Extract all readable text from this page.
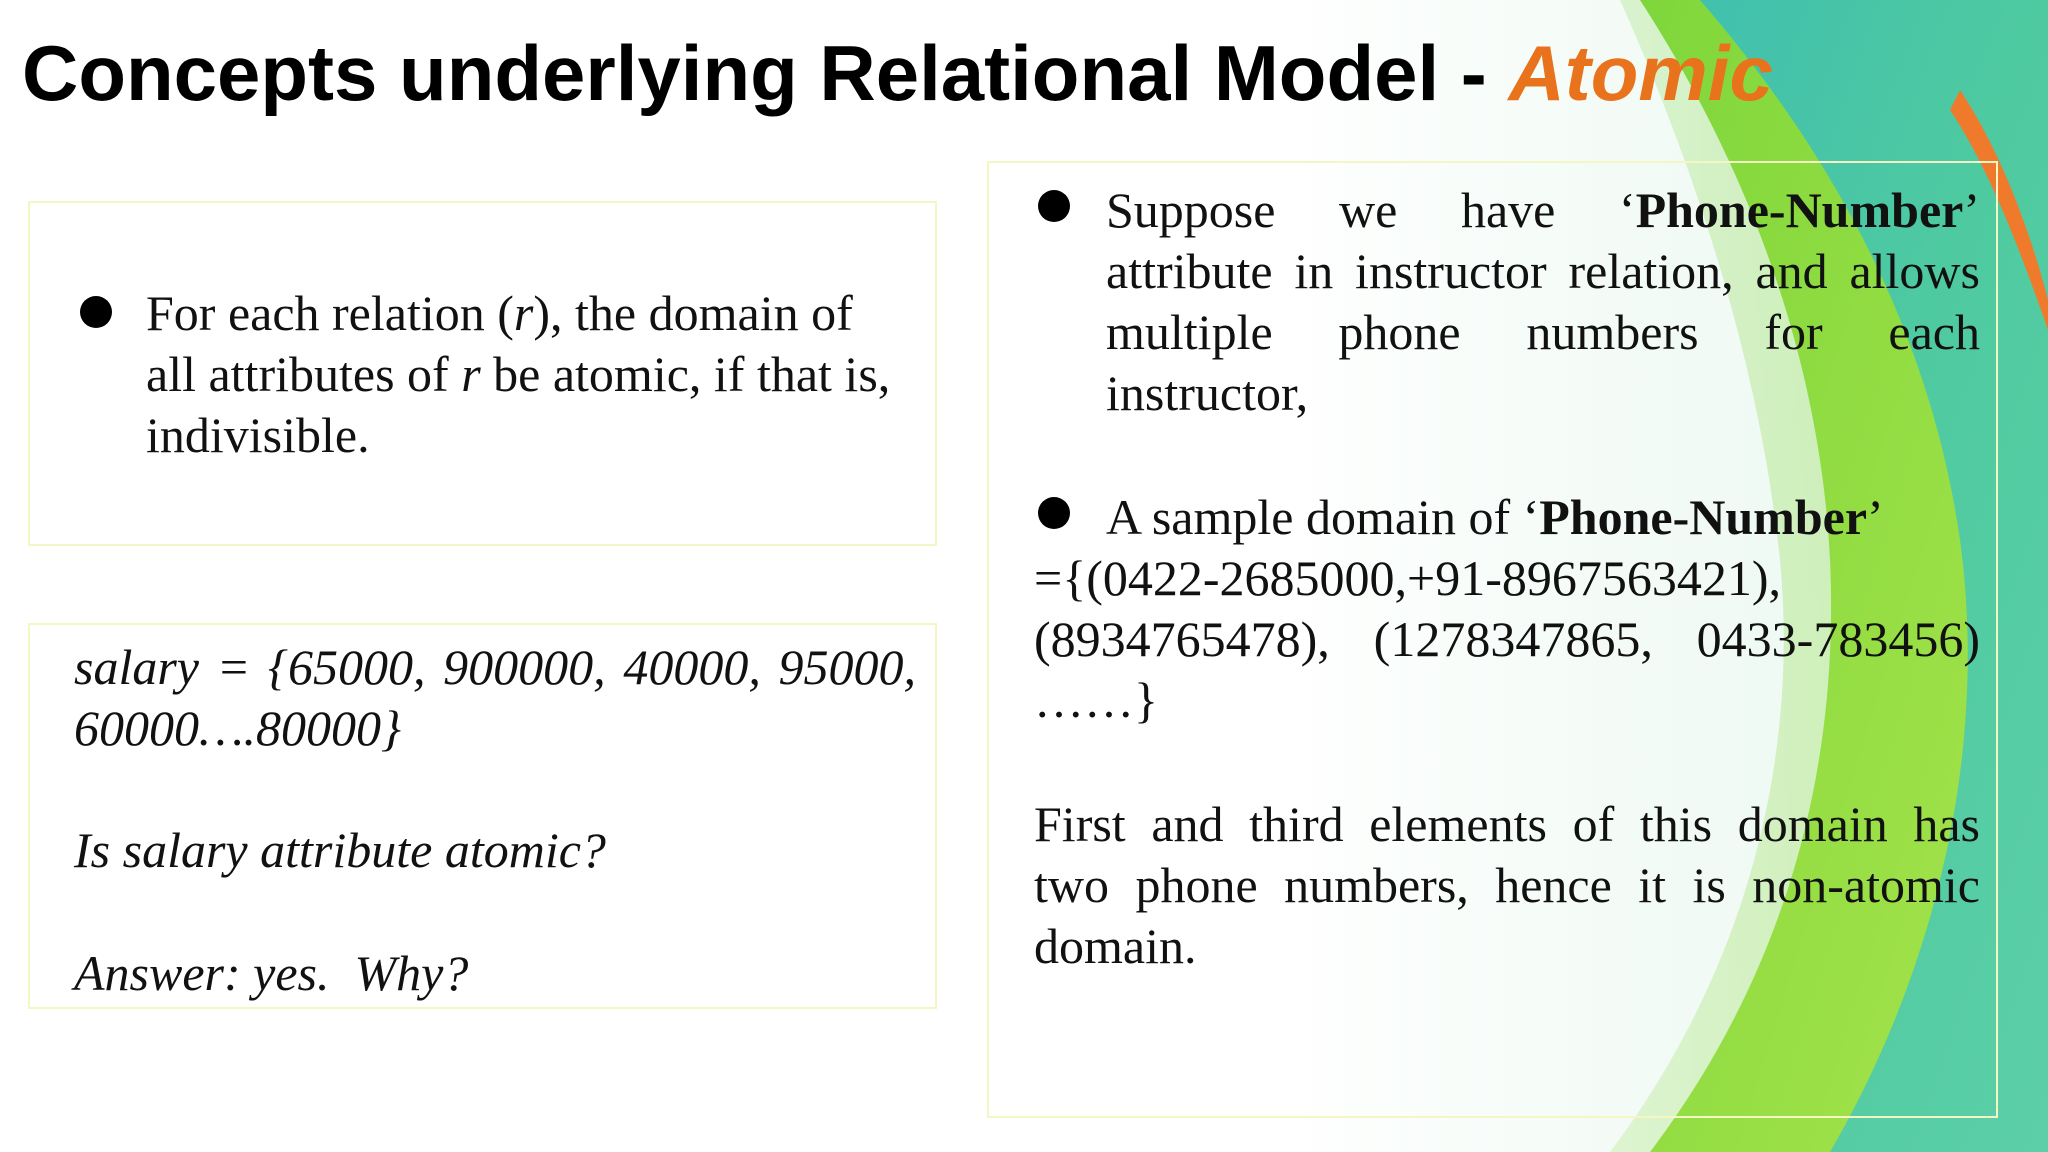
Concepts underlying Relational Model - Atomic

For each relation (r), the domain of

all attributes of r be atomic, if that is,

indivisible.

salary = {65000, 900000, 40000, 95000,

60000….80000}

Is salary attribute atomic?

Answer: yes.  Why?

Suppose we have ‘Phone-Number’

attribute in instructor relation, and allows

multiple phone numbers for each

instructor,

A sample domain of ‘Phone-Number’

={(0422-2685000,+91-8967563421),

(8934765478), (1278347865, 0433-783456)

……}

First and third elements of this domain has

two phone numbers, hence it is non-atomic

domain.
